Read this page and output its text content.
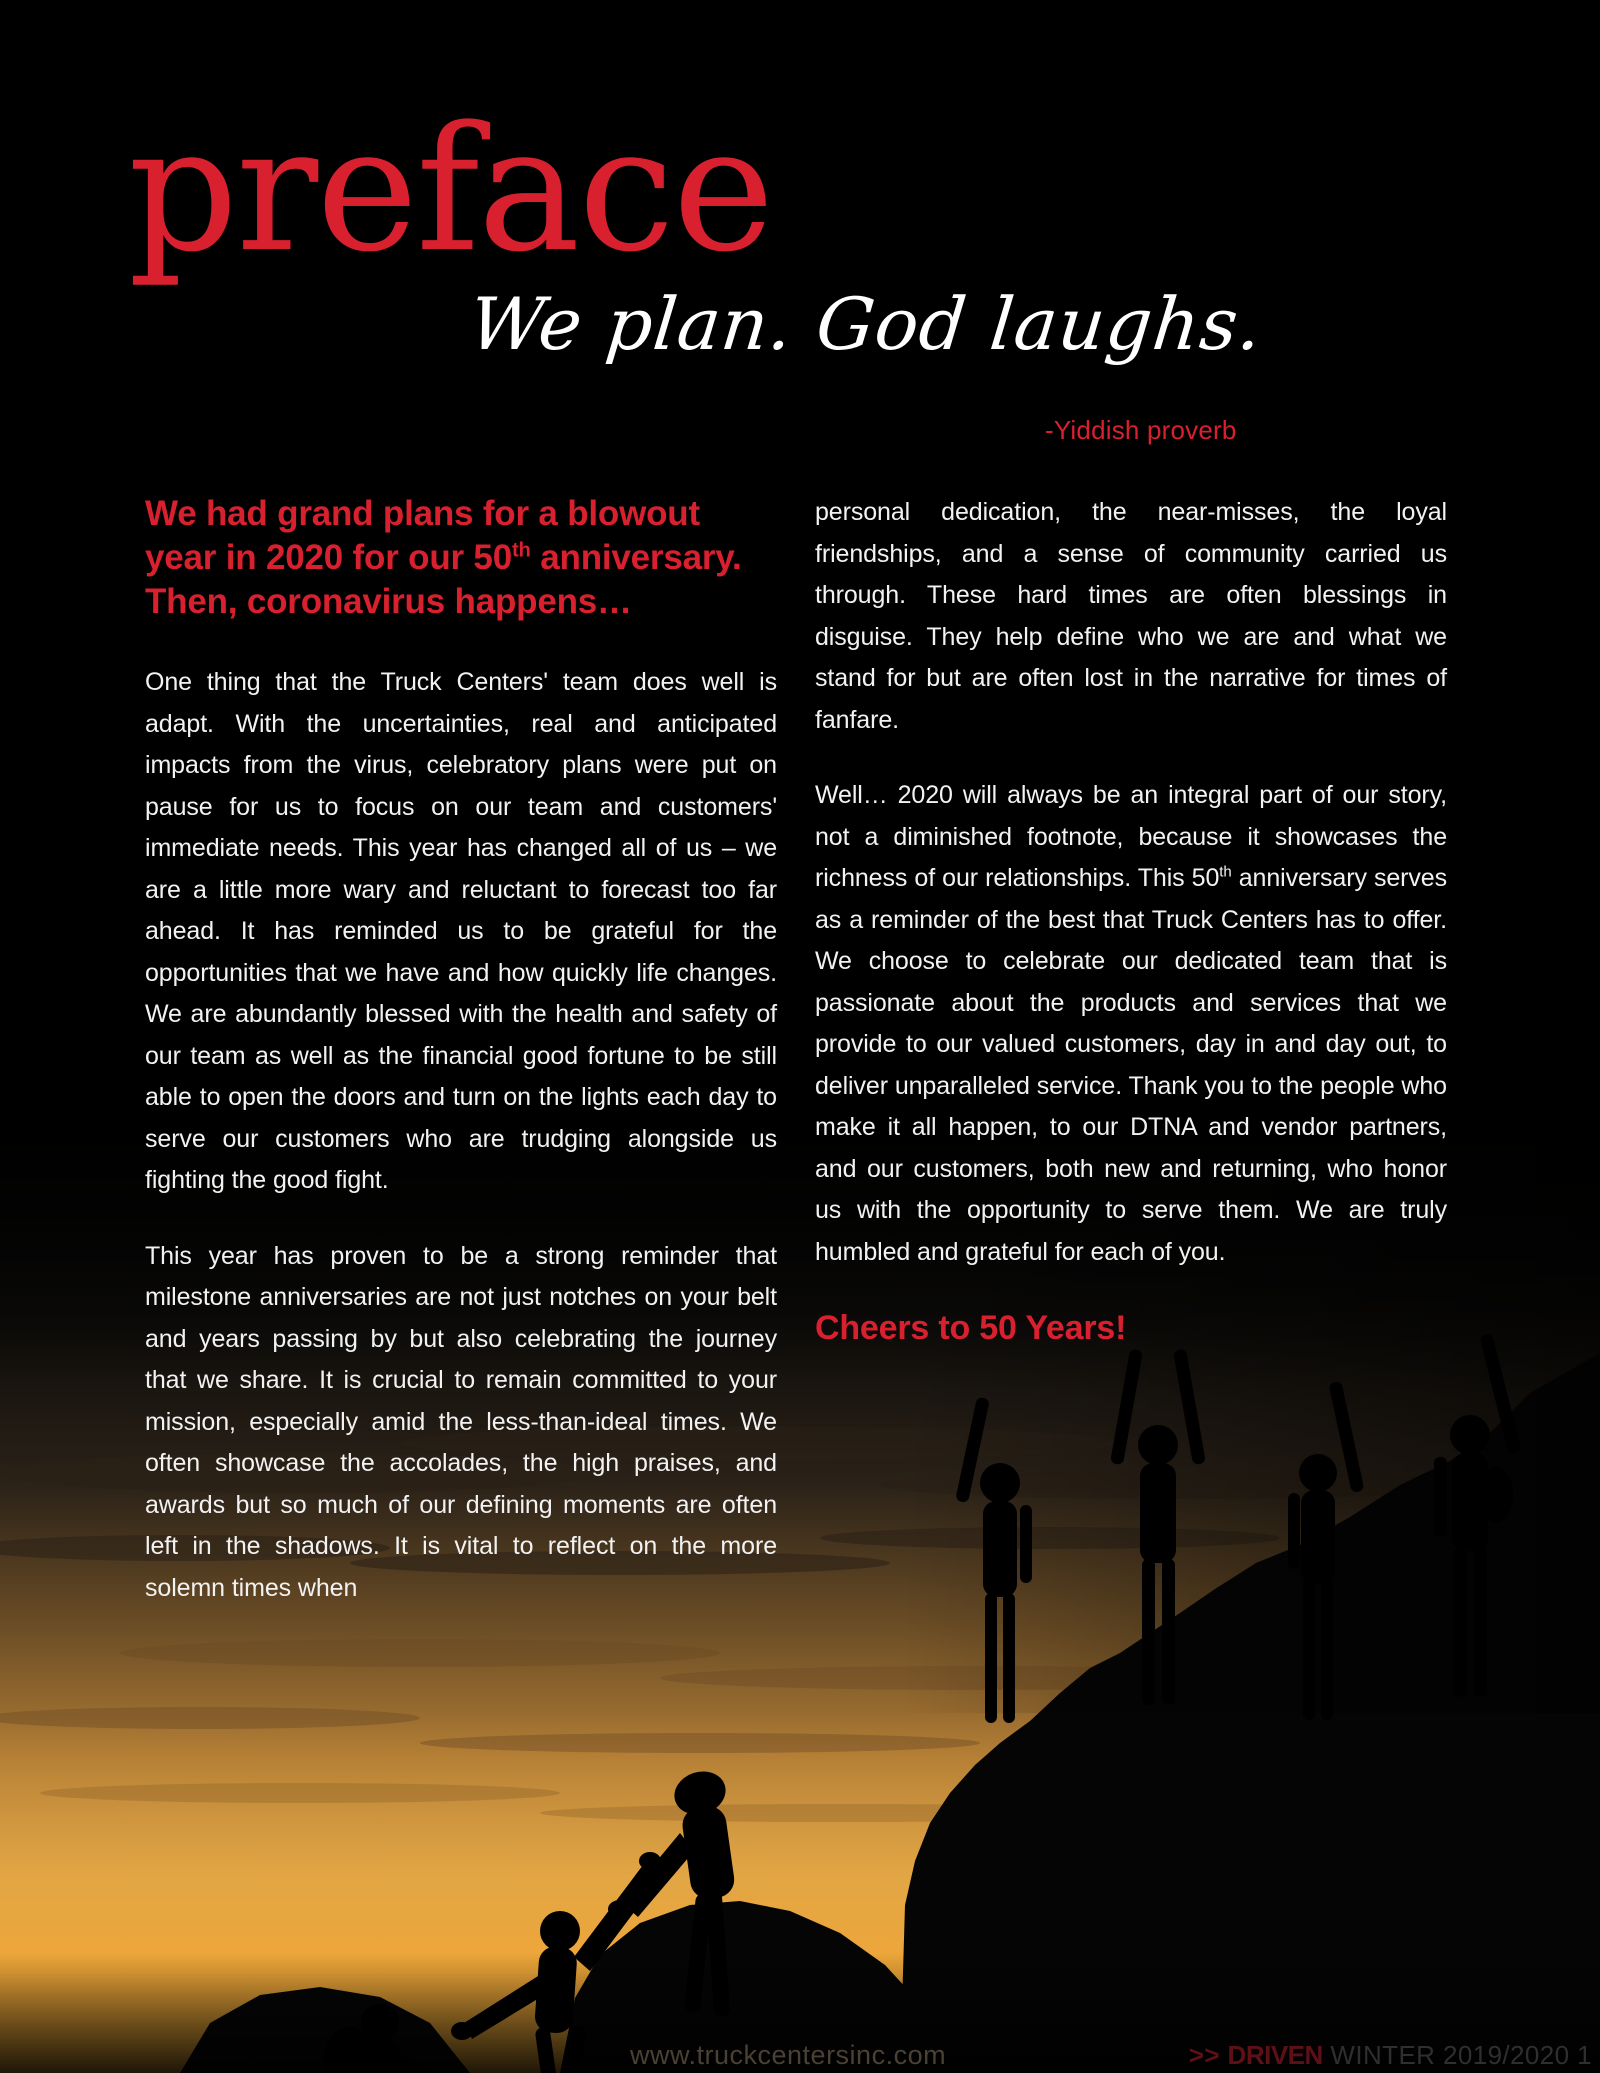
preface
We plan. God laughs.
-Yiddish proverb
We had grand plans for a blowout year in 2020 for our 50th anniversary. Then, coronavirus happens…

One thing that the Truck Centers' team does well is adapt. With the uncertainties, real and anticipated impacts from the virus, celebratory plans were put on pause for us to focus on our team and customers' immediate needs. This year has changed all of us – we are a little more wary and reluctant to forecast too far ahead. It has reminded us to be grateful for the opportunities that we have and how quickly life changes. We are abundantly blessed with the health and safety of our team as well as the financial good fortune to be still able to open the doors and turn on the lights each day to serve our customers who are trudging alongside us fighting the good fight.

This year has proven to be a strong reminder that milestone anniversaries are not just notches on your belt and years passing by but also celebrating the journey that we share. It is crucial to remain committed to your mission, especially amid the less-than-ideal times. We often showcase the accolades, the high praises, and awards but so much of our defining moments are often left in the shadows. It is vital to reflect on the more solemn times when

personal dedication, the near-misses, the loyal friendships, and a sense of community carried us through. These hard times are often blessings in disguise. They help define who we are and what we stand for but are often lost in the narrative for times of fanfare.

Well… 2020 will always be an integral part of our story, not a diminished footnote, because it showcases the richness of our relationships. This 50th anniversary serves as a reminder of the best that Truck Centers has to offer. We choose to celebrate our dedicated team that is passionate about the products and services that we provide to our valued customers, day in and day out, to deliver unparalleled service. Thank you to the people who make it all happen, to our DTNA and vendor partners, and our customers, both new and returning, who honor us with the opportunity to serve them. We are truly humbled and grateful for each of you.

Cheers to 50 Years!
www.truckcentersinc.com	>> DRIVEN WINTER 2019/2020 1
